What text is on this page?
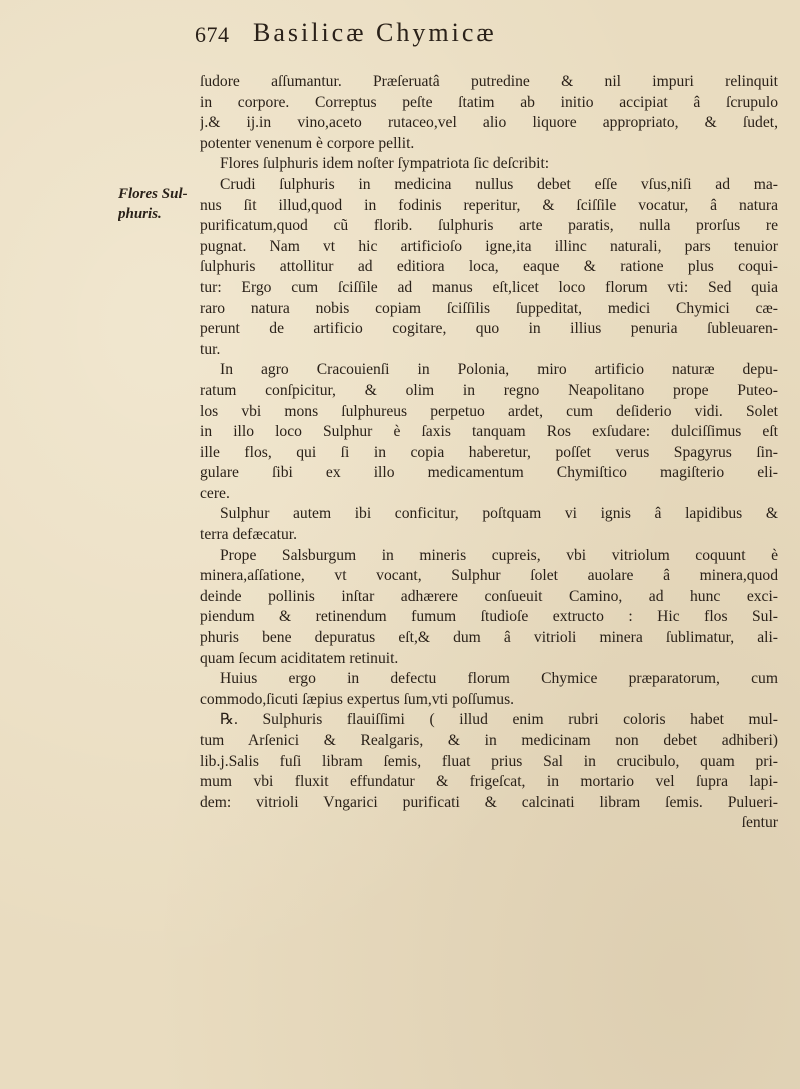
674 Basilicæ Chymicæ
Flores Sul-
phuris.
ſudore aſſumantur. Præſeruatâ putredine & nil impuri relinquit
in corpore. Correptus peſte ſtatim ab initio accipiat â ſcrupulo
j.& ij.in vino,aceto rutaceo,vel alio liquore appropriato, & ſudet,
potenter venenum è corpore pellit.
Flores ſulphuris idem noſter ſympatriota ſic deſcribit:
Crudi ſulphuris in medicina nullus debet eſſe vſus,niſi ad ma-
nus ſit illud,quod in fodinis reperitur, & ſciſſile vocatur, â natura
purificatum,quod cũ florib. ſulphuris arte paratis, nulla prorſus re
pugnat. Nam vt hic artificioſo igne,ita illinc naturali, pars tenuior
ſulphuris attollitur ad editiora loca, eaque & ratione plus coqui-
tur: Ergo cum ſciſſile ad manus eſt,licet loco florum vti: Sed quia
raro natura nobis copiam ſciſſilis ſuppeditat, medici Chymici cæ-
perunt de artificio cogitare, quo in illius penuria ſubleuaren-
tur.
In agro Cracouienſi in Polonia, miro artificio naturæ depu-
ratum conſpicitur, & olim in regno Neapolitano prope Puteo-
los vbi mons ſulphureus perpetuo ardet, cum deſiderio vidi. Solet
in illo loco Sulphur è ſaxis tanquam Ros exſudare: dulciſſimus eſt
ille flos, qui ſi in copia haberetur, poſſet verus Spagyrus ſin-
gulare ſibi ex illo medicamentum Chymiſtico magiſterio eli-
cere.
Sulphur autem ibi conficitur, poſtquam vi ignis â lapidibus &
terra defæcatur.
Prope Salsburgum in mineris cupreis, vbi vitriolum coquunt è
minera,aſſatione, vt vocant, Sulphur ſolet auolare â minera,quod
deinde pollinis inſtar adhærere conſueuit Camino, ad hunc exci-
piendum & retinendum fumum ſtudioſe extructo : Hic flos Sul-
phuris bene depuratus eſt,& dum â vitrioli minera ſublimatur, ali-
quam ſecum aciditatem retinuit.
Huius ergo in defectu florum Chymice præparatorum, cum
commodo,ſicuti ſæpius expertus ſum,vti poſſumus.
℞. Sulphuris flauiſſimi ( illud enim rubri coloris habet mul-
tum Arſenici & Realgaris, & in medicinam non debet adhiberi)
lib.j.Salis fuſi libram ſemis, fluat prius Sal in crucibulo, quam pri-
mum vbi fluxit effundatur & frigeſcat, in mortario vel ſupra lapi-
dem: vitrioli Vngarici purificati & calcinati libram ſemis. Pulueri-
ſentur
